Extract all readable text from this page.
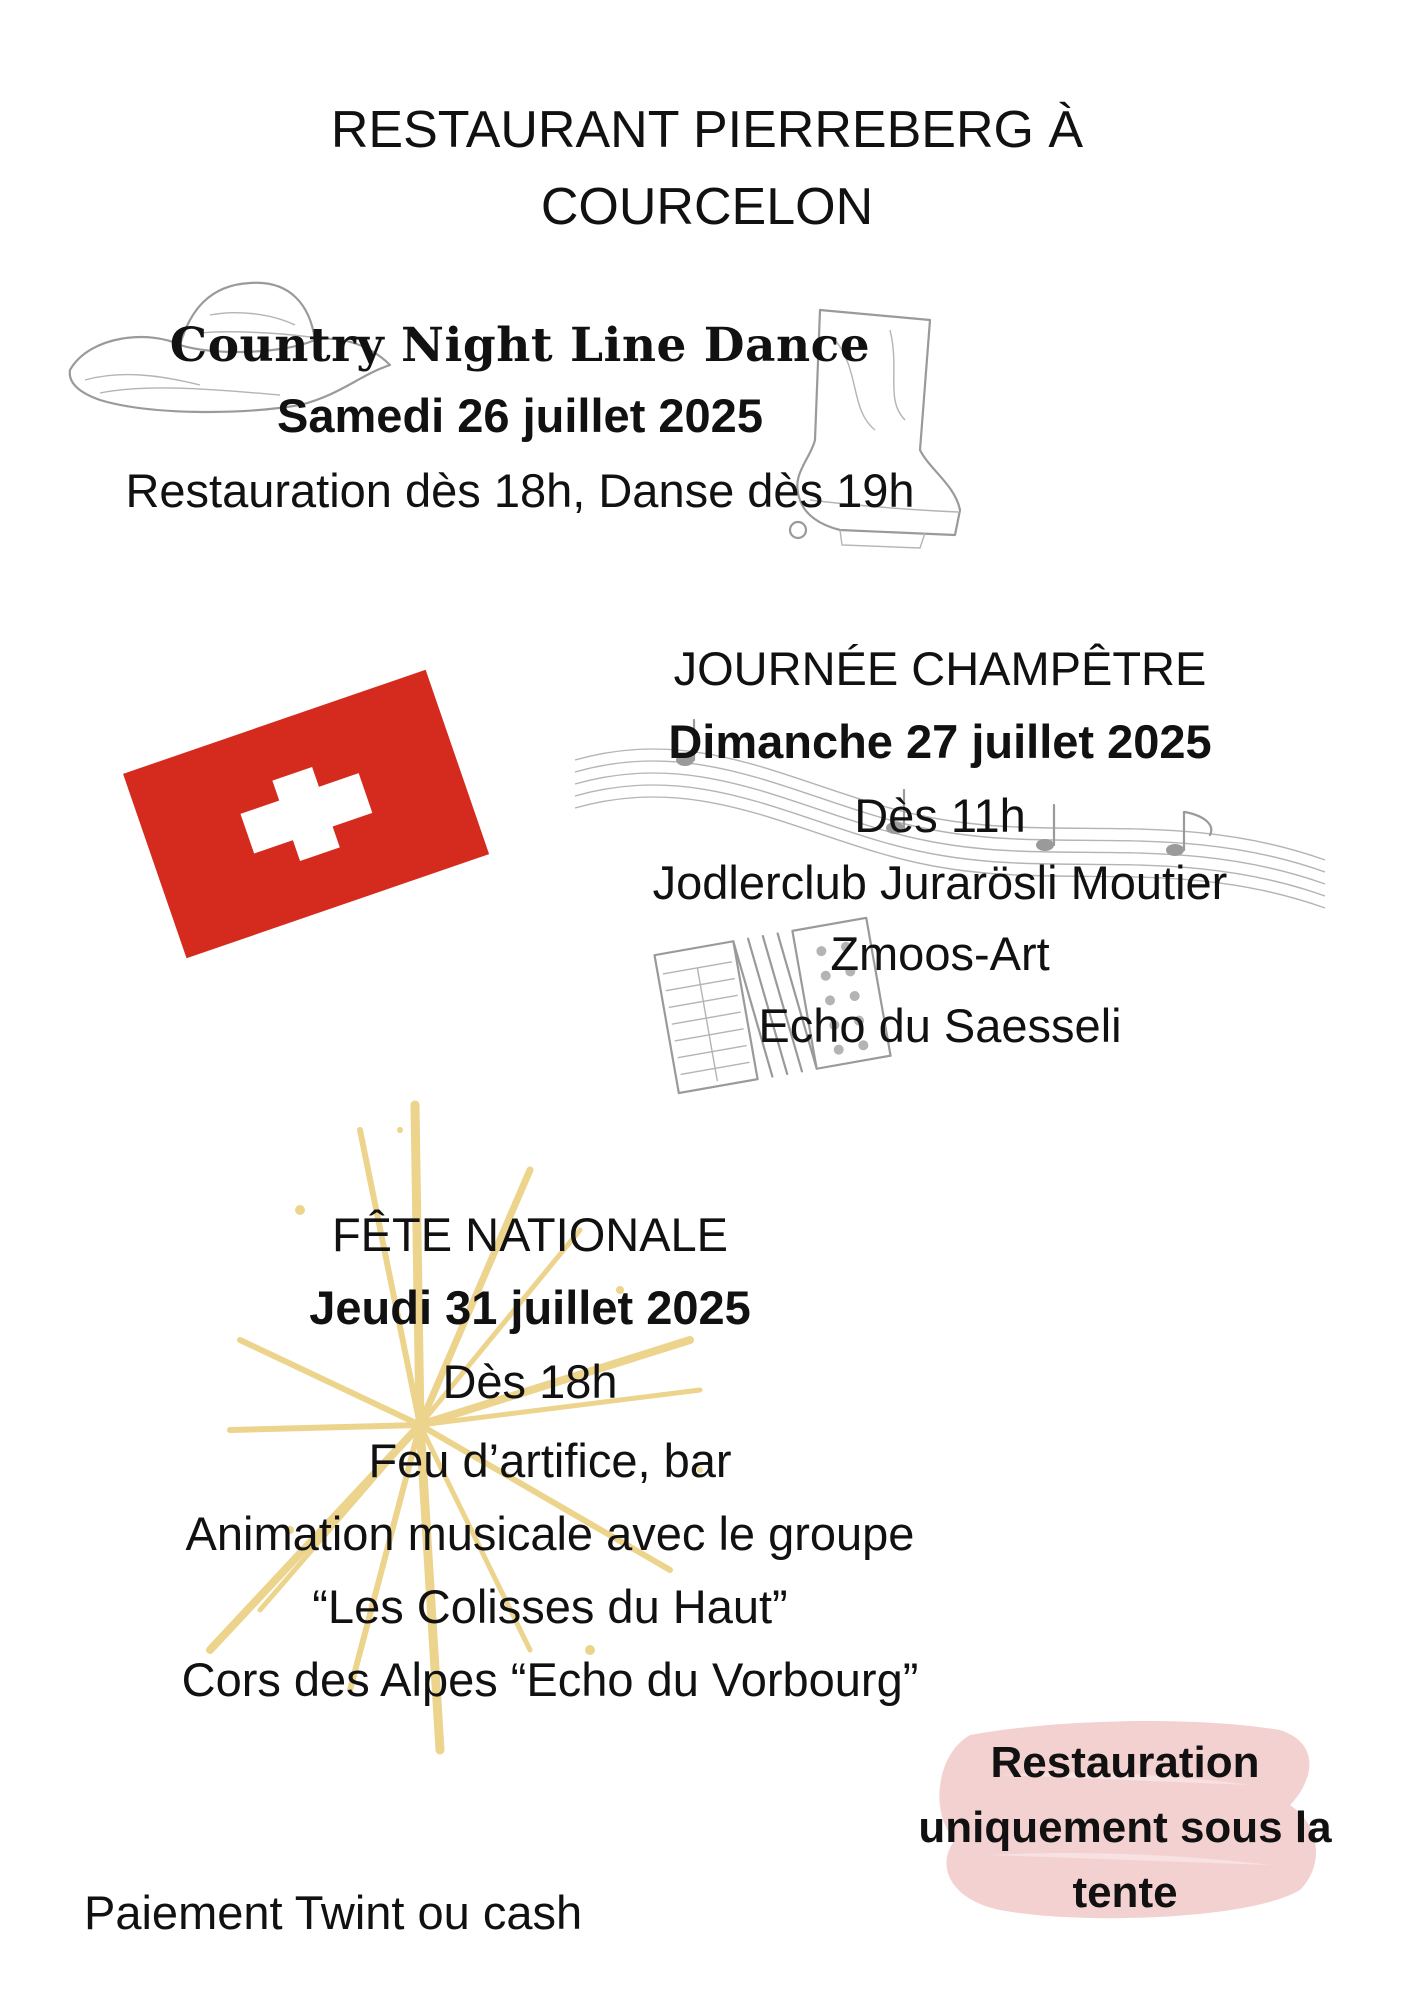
RESTAURANT PIERREBERG À
COURCELON
Country Night Line Dance
Samedi 26 juillet 2025
Restauration dès 18h, Danse dès 19h
JOURNÉE CHAMPÊTRE
Dimanche 27 juillet 2025
Dès 11h
Jodlerclub Jurarösli Moutier
Zmoos-Art
Echo du Saesseli
FÊTE NATIONALE
Jeudi 31 juillet 2025
Dès 18h
Feu d’artifice, bar
Animation musicale avec le groupe
“Les Colisses du Haut”
Cors des Alpes “Echo du Vorbourg”
Paiement Twint ou cash
Restauration
uniquement sous la
tente
